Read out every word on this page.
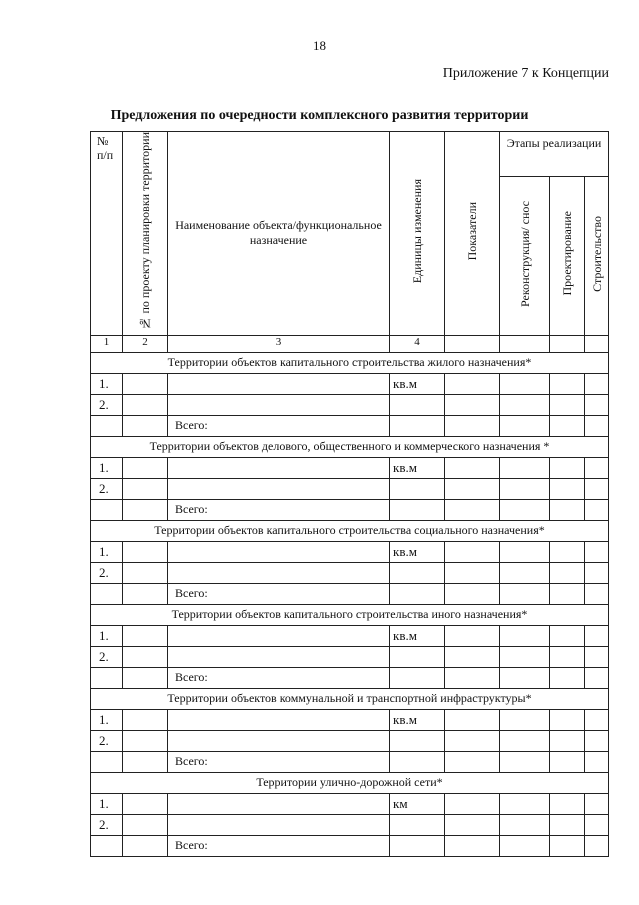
18
Приложение 7 к Концепции
Предложения по очередности комплексного развития территории
№ п/п	№ по проекту планировки территории	Наименование объекта/функциональное назначение	Единицы изменения	Показатели	Этапы реализации		
					Реконструкция/ снос	Проектирование	Строительство
1	2	3	4				
Территории объектов капитального строительства жилого назначения*							
1.			кв.м				
2.							
		Всего:					
Территории объектов делового, общественного и коммерческого назначения *							
1.			кв.м				
2.							
		Всего:					
Территории объектов капитального строительства социального назначения*							
1.			кв.м				
2.							
		Всего:					
Территории объектов капитального строительства иного назначения*							
1.			кв.м				
2.							
		Всего:					
Территории объектов коммунальной и транспортной инфраструктуры*							
1.			кв.м				
2.							
		Всего:					
Территории улично-дорожной сети*							
1.			км				
2.							
		Всего:					
